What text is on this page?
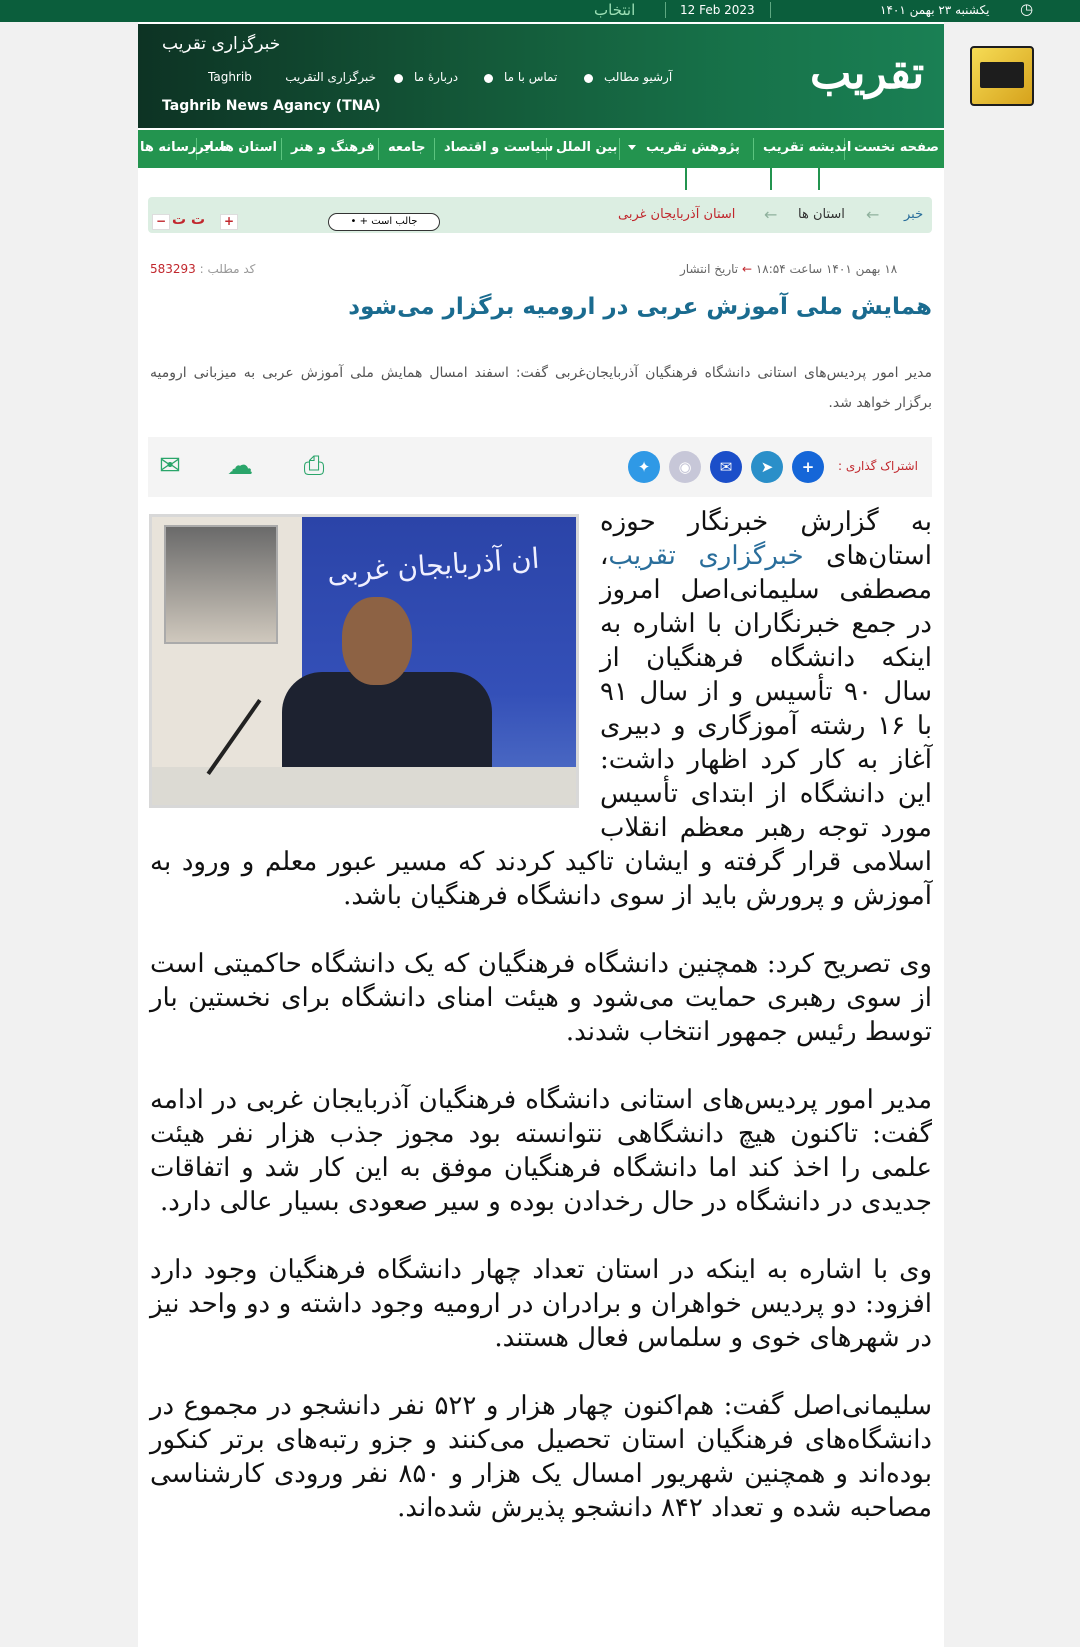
◷
یکشنبه ۲۳ بهمن ۱۴۰۱
12 Feb 2023
انتخاب
تقریب
خبرگزاری تقریب
Taghrib News Agancy (TNA)
آرشیو مطالب
تماس با ما
دربارهٔ ما
خبرگزاری التقریب
Taghrib
صفحه نخست
اندیشه تقریب
پژوهش تقریب
بین الملل
سیاست و اقتصاد
جامعه
فرهنگ و هنر
استان ها
سایررسانه ها
خبر
←
استان ها
←
استان آذربایجان غربی
جالب است + •
+
ت ت
−
۱۸ بهمن ۱۴۰۱ ساعت ۱۸:۵۴ ← تاریخ انتشار
کد مطلب : 583293
همایش ملی آموزش عربی در ارومیه برگزار می‌شود
مدیر امور پردیس‌های استانی دانشگاه فرهنگیان آذربایجان‌غربی گفت: اسفند امسال همایش ملی آموزش عربی به میزبانی ارومیه برگزار خواهد شد.
اشتراک گذاری :
+
➤
✉
◉
✦
⎙
☁
✉
ان آذربایجان غربی

به گزارش خبرنگار حوزه استان‌های خبرگزاری تقریب، مصطفی سلیمانی‌اصل امروز در جمع خبرنگاران با اشاره به اینکه دانشگاه فرهنگیان از سال ۹۰ تأسیس و از سال ۹۱ با ۱۶ رشته آموزگاری و دبیری آغاز به کار کرد اظهار داشت: این دانشگاه از ابتدای تأسیس مورد توجه رهبر معظم انقلاب اسلامی قرار گرفته و ایشان تاکید کردند که مسیر عبور معلم و ورود به آموزش و پرورش باید از سوی دانشگاه فرهنگیان باشد.

وی تصریح کرد: همچنین دانشگاه فرهنگیان که یک دانشگاه حاکمیتی است از سوی رهبری حمایت می‌شود و هیئت امنای دانشگاه برای نخستین بار توسط رئیس جمهور انتخاب شدند.

مدیر امور پردیس‌های استانی دانشگاه فرهنگیان آذربایجان غربی در ادامه گفت: تاکنون هیچ دانشگاهی نتوانسته بود مجوز جذب هزار نفر هیئت علمی را اخذ کند اما دانشگاه فرهنگیان موفق به این کار شد و اتفاقات جدیدی در دانشگاه در حال رخدادن بوده و سیر صعودی بسیار عالی دارد.

وی با اشاره به اینکه در استان تعداد چهار دانشگاه فرهنگیان وجود دارد افزود: دو پردیس خواهران و برادران در ارومیه وجود داشته و دو واحد نیز در شهرهای خوی و سلماس فعال هستند.

سلیمانی‌اصل گفت: هم‌اکنون چهار هزار و ۵۲۲ نفر دانشجو در مجموع در دانشگاه‌های فرهنگیان استان تحصیل می‌کنند و جزو رتبه‌های برتر کنکور بوده‌اند و همچنین شهریور امسال یک هزار و ۸۵۰ نفر ورودی کارشناسی مصاحبه شده و تعداد ۸۴۲ دانشجو پذیرش شده‌اند.
